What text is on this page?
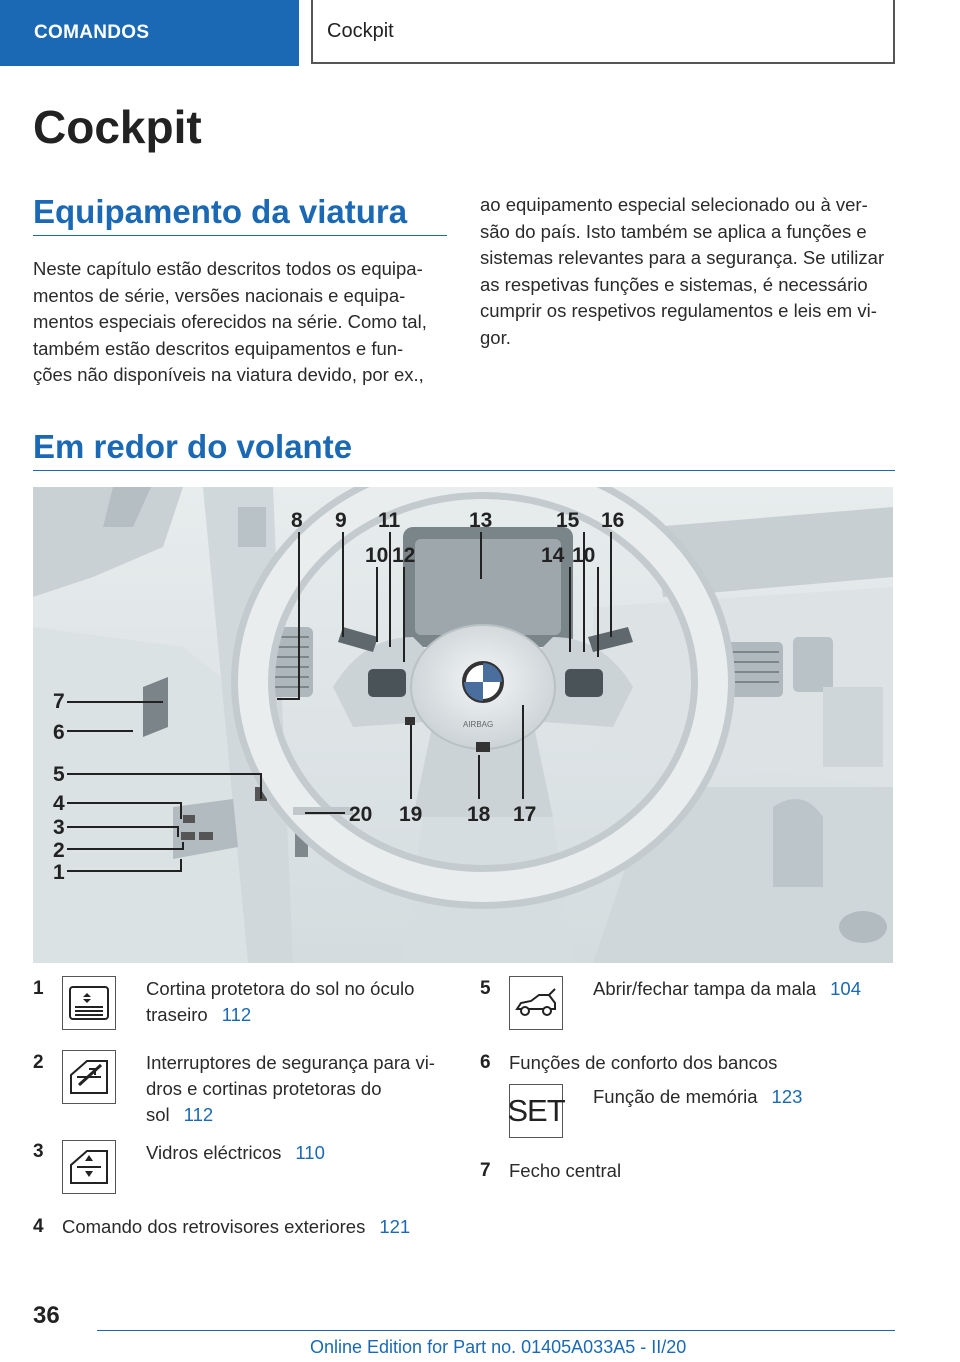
COMANDOS	Cockpit
Cockpit
Equipamento da viatura
Neste capítulo estão descritos todos os equipa‐
mentos de série, versões nacionais e equipa‐
mentos especiais oferecidos na série. Como tal,
também estão descritos equipamentos e fun‐
ções não disponíveis na viatura devido, por ex.,
ao equipamento especial selecionado ou à ver‐
são do país. Isto também se aplica a funções e
sistemas relevantes para a segurança. Se utilizar
as respetivas funções e sistemas, é necessário
cumprir os respetivos regulamentos e leis em vi‐
gor.
Em redor do volante
AIRBAG
8 9
10
11
12
13
14
15
10
16
17
18
19
20
7
6
5
4
3
2
1
1	Cortina protetora do sol no óculo
traseiro 112
2	Interruptores de segurança para vi‐
dros e cortinas protetoras do
sol 112
3	Vidros eléctricos 110
4 Comando dos retrovisores exteriores 121
5	Abrir/fechar tampa da mala 104
6 Funções de conforto dos bancos
SET Função de memória 123
7 Fecho central
36
Online Edition for Part no. 01405A033A5 - II/20
